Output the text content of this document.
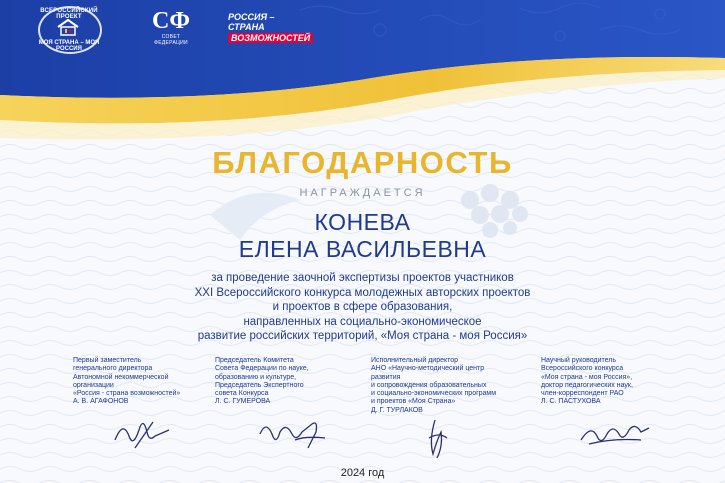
ВСЕРОССИЙСКИЙ ПРОЕКТ
МОЯ СТРАНА – МОЯ РОССИЯ
СФ
СОВЕТ ФЕДЕРАЦИИ
РОССИЯ –
СТРАНА
ВОЗМОЖНОСТЕЙ
БЛАГОДАРНОСТЬ
НАГРАЖДАЕТСЯ
КОНЕВА
ЕЛЕНА ВАСИЛЬЕВНА
за проведение заочной экспертизы проектов участников
XXI Всероссийского конкурса молодежных авторских проектов
и проектов в сфере образования,
направленных на социально-экономическое
развитие российских территорий, «Моя страна - моя Россия»
Первый заместитель
генерального директора
Автономной некоммерческой
организации
«Россия - страна возможностей»
А. В. АГАФОНОВ
Председатель Комитета
Совета Федерации по науке,
образованию и культуре,
Председатель Экспертного
совета Конкурса
Л. С. ГУМЕРОВА
Исполнительный директор
АНО «Научно-методический центр развития
и сопровождения образовательных
и социально-экономических программ
и проектов «Моя Страна»
Д. Г. ТУРЛАКОВ
Научный руководитель
Всероссийского конкурса
«Моя страна - моя Россия»,
доктор педагогических наук,
член-корреспондент РАО
Л. С. ПАСТУХОВА
2024 год
